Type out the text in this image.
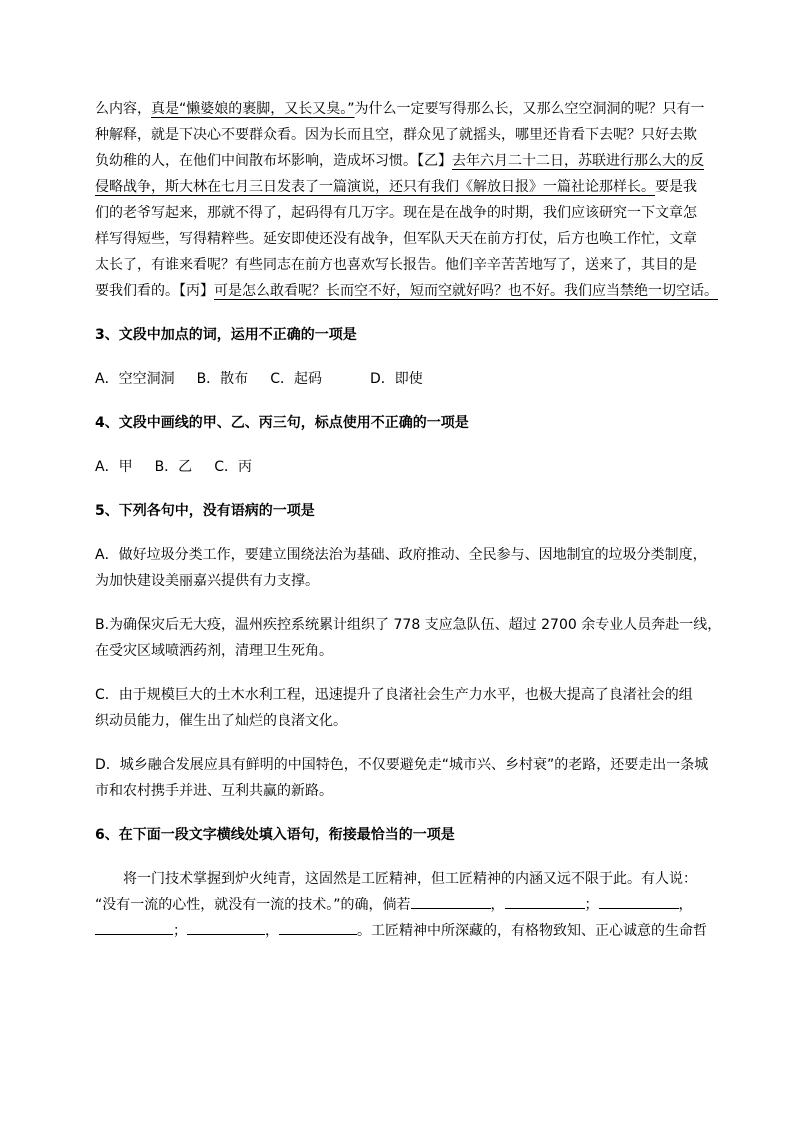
么内容，真是“懒婆娘的裹脚，又长又臭。”为什么一定要写得那么长，又那么空空洞洞的呢？只有一
种解释，就是下决心不要群众看。因为长而且空，群众见了就摇头，哪里还肯看下去呢？只好去欺
负幼稚的人，在他们中间散布坏影响，造成坏习惯。【乙】去年六月二十二日，苏联进行那么大的反
侵略战争，斯大林在七月三日发表了一篇演说，还只有我们《解放日报》一篇社论那样长。要是我
们的老爷写起来，那就不得了，起码得有几万字。现在是在战争的时期，我们应该研究一下文章怎
样写得短些，写得精粹些。延安即使还没有战争，但军队天天在前方打仗，后方也唤工作忙，文章
太长了，有谁来看呢？有些同志在前方也喜欢写长报告。他们辛辛苦苦地写了，送来了，其目的是
要我们看的。【丙】可是怎么敢看呢？长而空不好，短而空就好吗？也不好。我们应当禁绝一切空话。
3、文段中加点的词，运用不正确的一项是
A．空空洞洞 B．散布 C．起码	D．即使
4、文段中画线的甲、乙、丙三句，标点使用不正确的一项是
A．甲 B．乙 C．丙
5、下列各句中，没有语病的一项是
A．做好垃圾分类工作，要建立围绕法治为基础、政府推动、全民参与、因地制宜的垃圾分类制度，
为加快建设美丽嘉兴提供有力支撑。
B.为确保灾后无大疫，温州疾控系统累计组织了 778 支应急队伍、超过 2700 余专业人员奔赴一线，
在受灾区域喷洒药剂，清理卫生死角。
C．由于规模巨大的土木水利工程，迅速提升了良渚社会生产力水平，也极大提高了良渚社会的组
织动员能力，催生出了灿烂的良渚文化。
D．城乡融合发展应具有鲜明的中国特色，不仅要避免走“城市兴、乡村衰”的老路，还要走出一条城
市和农村携手并进、互利共赢的新路。
6、在下面一段文字横线处填入语句，衔接最恰当的一项是
将一门技术掌握到炉火纯青，这固然是工匠精神，但工匠精神的内涵又远不限于此。有人说：
“没有一流的心性，就没有一流的技术。”的确，倘若	，	；	，
；	，	。工匠精神中所深藏的，有格物致知、正心诚意的生命哲
